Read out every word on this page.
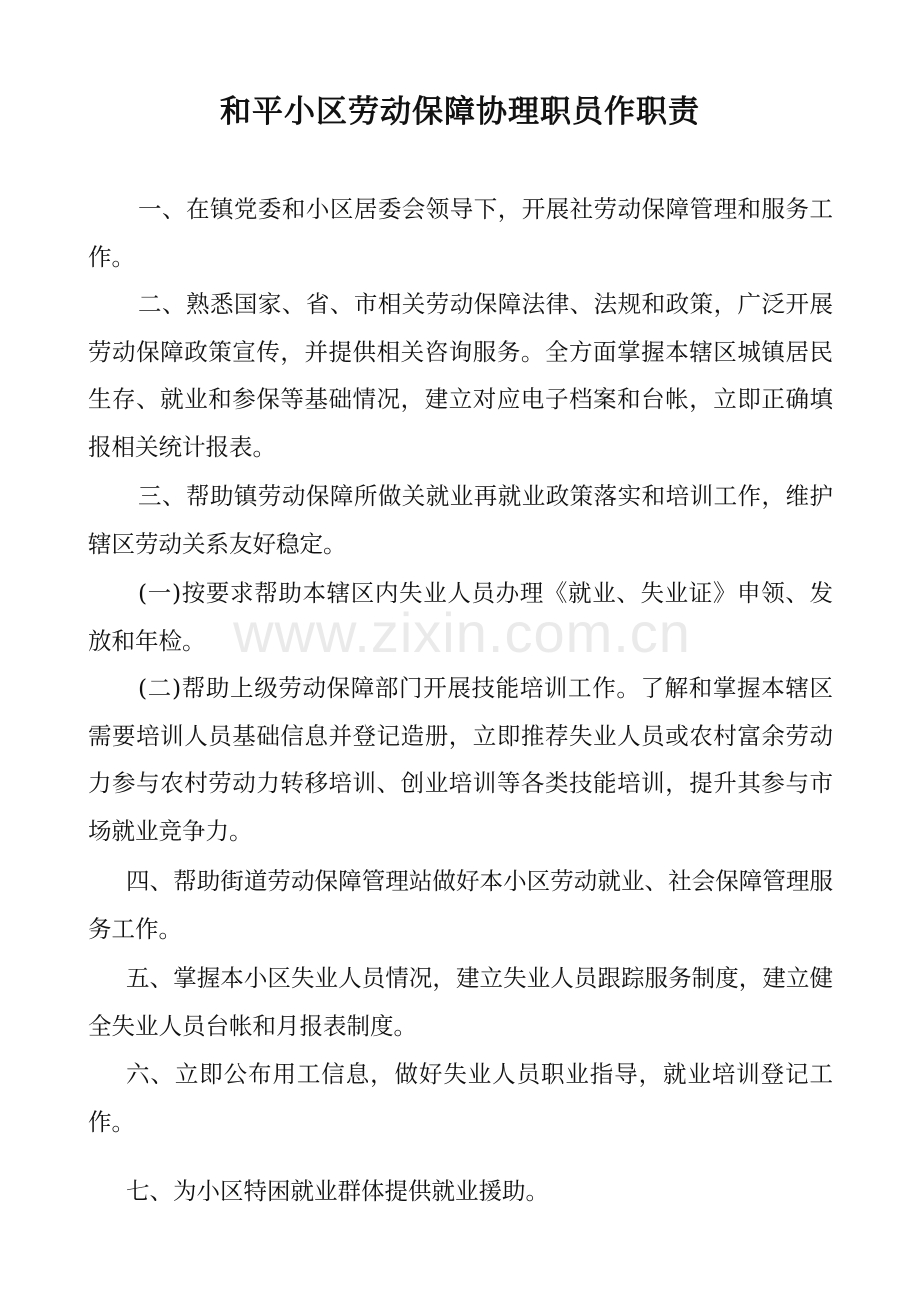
和平小区劳动保障协理职员作职责

一、在镇党委和小区居委会领导下，开展社劳动保障管理和服务工作。

二、熟悉国家、省、市相关劳动保障法律、法规和政策，广泛开展劳动保障政策宣传，并提供相关咨询服务。全方面掌握本辖区城镇居民生存、就业和参保等基础情况，建立对应电子档案和台帐，立即正确填报相关统计报表。

三、帮助镇劳动保障所做关就业再就业政策落实和培训工作，维护辖区劳动关系友好稳定。

(一)按要求帮助本辖区内失业人员办理《就业、失业证》申领、发放和年检。

(二)帮助上级劳动保障部门开展技能培训工作。了解和掌握本辖区需要培训人员基础信息并登记造册，立即推荐失业人员或农村富余劳动力参与农村劳动力转移培训、创业培训等各类技能培训，提升其参与市场就业竞争力。

四、帮助街道劳动保障管理站做好本小区劳动就业、社会保障管理服务工作。

五、掌握本小区失业人员情况，建立失业人员跟踪服务制度，建立健全失业人员台帐和月报表制度。

六、立即公布用工信息，做好失业人员职业指导，就业培训登记工作。

七、为小区特困就业群体提供就业援助。

www.zixin.com.cn
